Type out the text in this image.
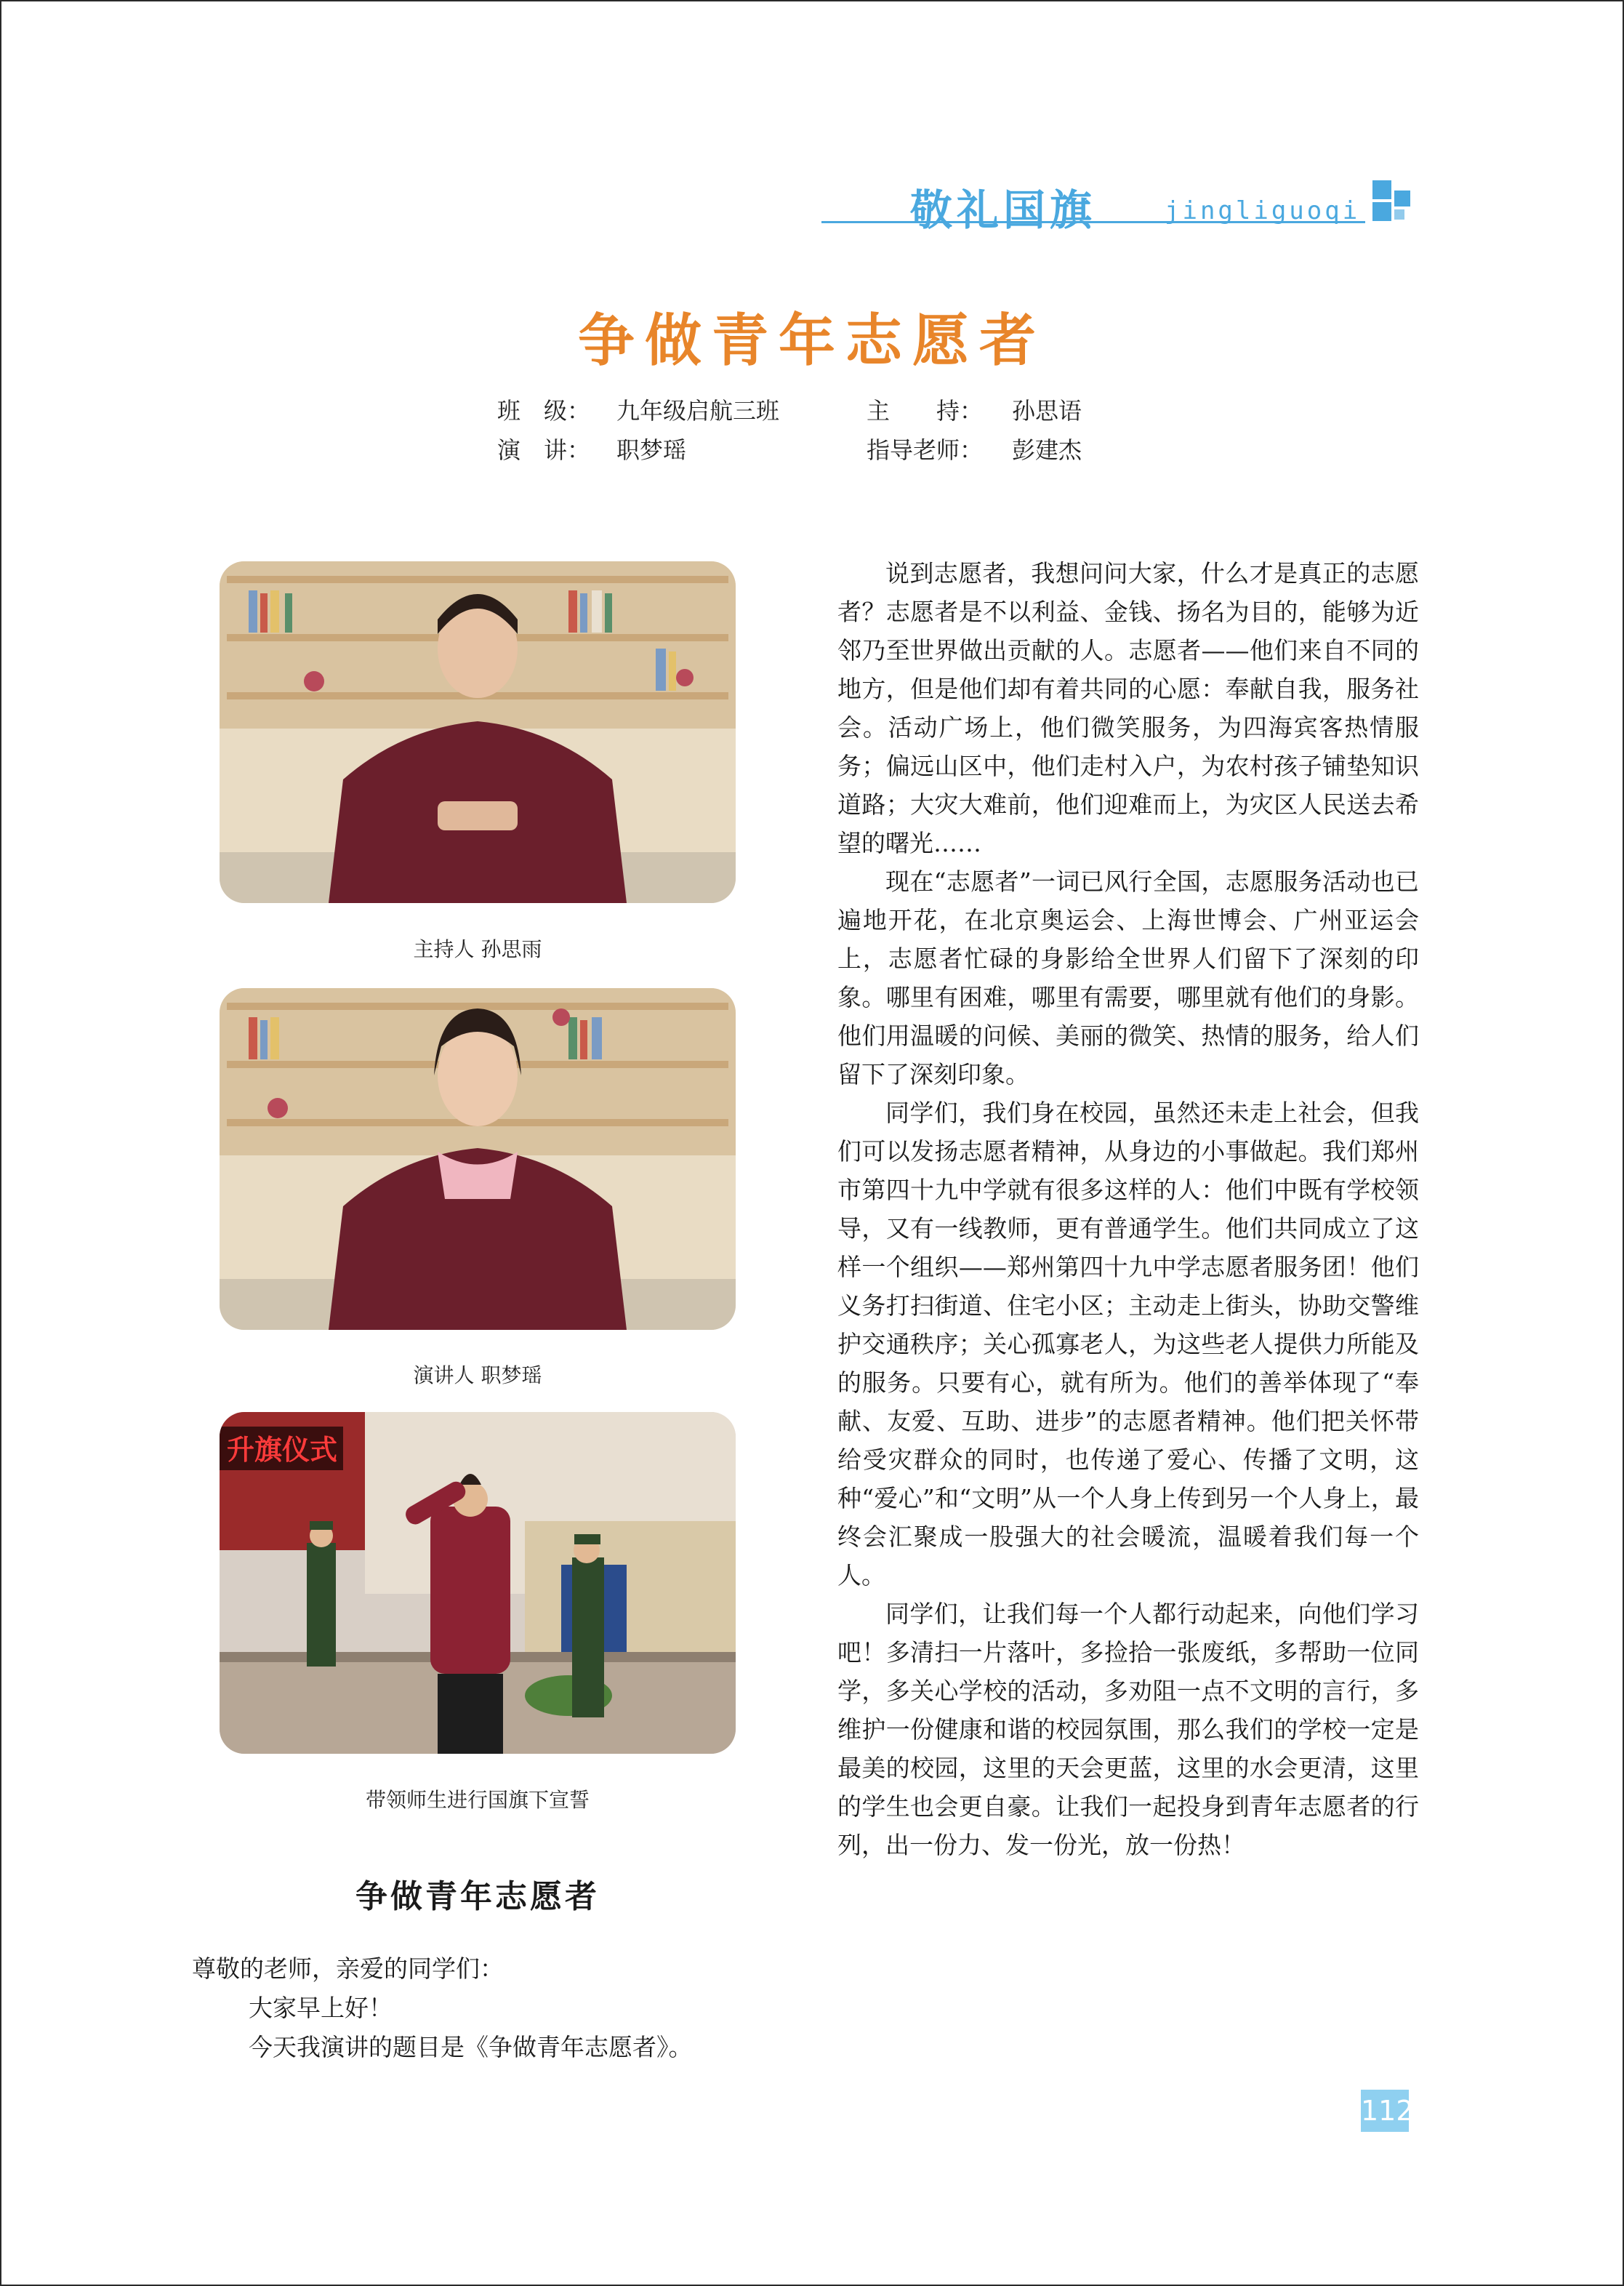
敬礼国旗	jingliguoqi
争做青年志愿者
班　级： 九年级启航三班	主　　持： 孙思语
演　讲： 职梦瑶	指导老师： 彭建杰
主持人 孙思雨
演讲人 职梦瑶
升旗仪式
带领师生进行国旗下宣誓
争做青年志愿者
尊敬的老师，亲爱的同学们：
大家早上好！
今天我演讲的题目是《争做青年志愿者》。

说到志愿者，我想问问大家，什么才是真正的志愿者？志愿者是不以利益、金钱、扬名为目的，能够为近邻乃至世界做出贡献的人。志愿者——他们来自不同的地方，但是他们却有着共同的心愿：奉献自我，服务社会。活动广场上，他们微笑服务，为四海宾客热情服务；偏远山区中，他们走村入户，为农村孩子铺垫知识道路；大灾大难前，他们迎难而上，为灾区人民送去希望的曙光……

现在“志愿者”一词已风行全国，志愿服务活动也已遍地开花，在北京奥运会、上海世博会、广州亚运会上，志愿者忙碌的身影给全世界人们留下了深刻的印象。哪里有困难，哪里有需要，哪里就有他们的身影。他们用温暖的问候、美丽的微笑、热情的服务，给人们留下了深刻印象。

同学们，我们身在校园，虽然还未走上社会，但我们可以发扬志愿者精神，从身边的小事做起。我们郑州市第四十九中学就有很多这样的人：他们中既有学校领导，又有一线教师，更有普通学生。他们共同成立了这样一个组织——郑州第四十九中学志愿者服务团！他们义务打扫街道、住宅小区；主动走上街头，协助交警维护交通秩序；关心孤寡老人，为这些老人提供力所能及的服务。只要有心，就有所为。他们的善举体现了“奉献、友爱、互助、进步”的志愿者精神。他们把关怀带给受灾群众的同时，也传递了爱心、传播了文明，这种“爱心”和“文明”从一个人身上传到另一个人身上，最终会汇聚成一股强大的社会暖流，温暖着我们每一个人。

同学们，让我们每一个人都行动起来，向他们学习吧！多清扫一片落叶，多捡拾一张废纸，多帮助一位同学，多关心学校的活动，多劝阻一点不文明的言行，多维护一份健康和谐的校园氛围，那么我们的学校一定是最美的校园，这里的天会更蓝，这里的水会更清，这里的学生也会更自豪。让我们一起投身到青年志愿者的行列，出一份力、发一份光，放一份热！

112
